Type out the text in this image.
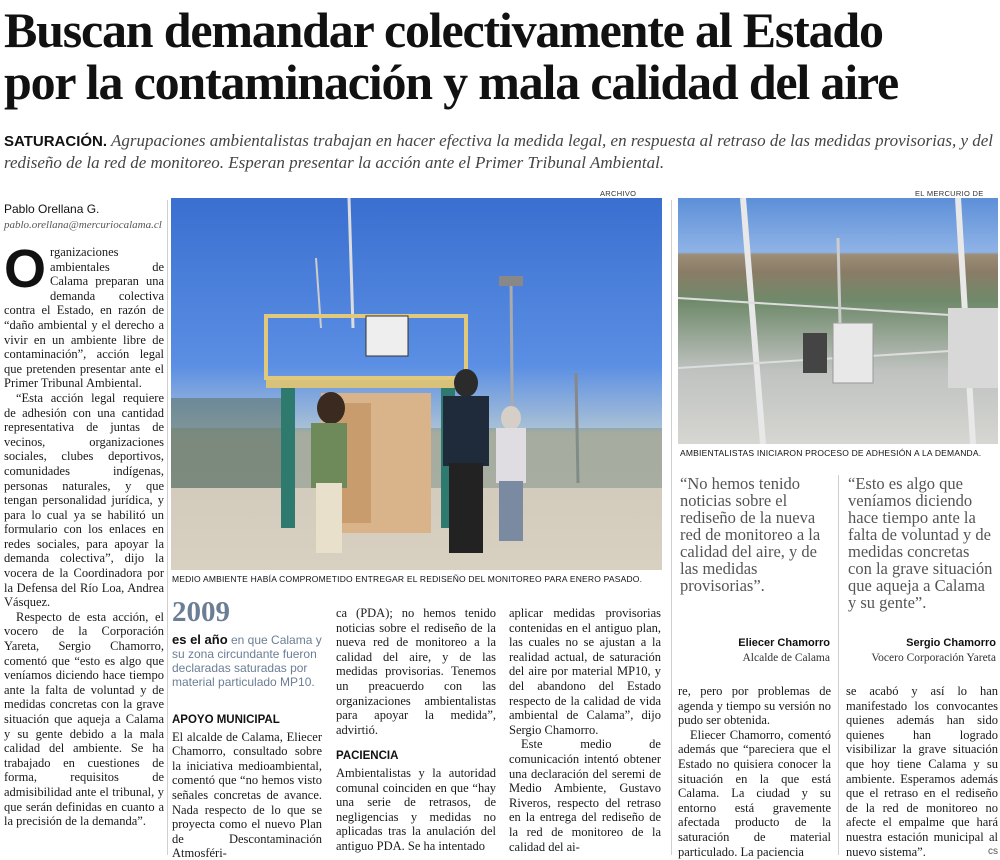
Buscan demandar colectivamente al Estado
por la contaminación y mala calidad del aire
SATURACIÓN. Agrupaciones ambientalistas trabajan en hacer efectiva la medida legal, en respuesta al retraso de las medidas provisorias, y del rediseño de la red de monitoreo. Esperan presentar la acción ante el Primer Tribunal Ambiental.
Pablo Orellana G.
pablo.orellana@mercuriocalama.cl

Organizaciones ambientales de Calama preparan una demanda colectiva contra el Estado, en razón de “daño ambiental y el derecho a vivir en un ambiente libre de contaminación”, acción legal que pretenden presentar ante el Primer Tribunal Ambiental.

“Esta acción legal requiere de adhesión con una cantidad representativa de juntas de vecinos, organizaciones sociales, clubes deportivos, comunidades indígenas, personas naturales, y que tengan personalidad jurídica, y para lo cual ya se habilitó un formulario con los enlaces en redes sociales, para apoyar la demanda colectiva”, dijo la vocera de la Coordinadora por la Defensa del Río Loa, Andrea Vásquez.

Respecto de esta acción, el vocero de la Corporación Yareta, Sergio Chamorro, comentó que “esto es algo que veníamos diciendo hace tiempo ante la falta de voluntad y de medidas concretas con la grave situación que aqueja a Calama y su gente debido a la mala calidad del ambiente. Se ha trabajado en cuestiones de forma, requisitos de admisibilidad ante el tribunal, y que serán definidas en cuanto a la precisión de la demanda”.

ARCHIVO
MEDIO AMBIENTE HABÍA COMPROMETIDO ENTREGAR EL REDISEÑO DEL MONITOREO PARA ENERO PASADO.
EL MERCURIO DE
AMBIENTALISTAS INICIARON PROCESO DE ADHESIÓN A LA DEMANDA.
2009
es el año en que Calama y su zona circundante fueron declaradas saturadas por material particulado MP10.

APOYO MUNICIPAL

El alcalde de Calama, Eliecer Chamorro, consultado sobre la iniciativa medioambiental, comentó que “no hemos visto señales concretas de avance. Nada respecto de lo que se proyecta como el nuevo Plan de Descontaminación Atmosféri-

ca (PDA); no hemos tenido noticias sobre el rediseño de la nueva red de monitoreo a la calidad del aire, y de las medidas provisorias. Tenemos un preacuerdo con las organizaciones ambientalistas para apoyar la medida”, advirtió.

PACIENCIA

Ambientalistas y la autoridad comunal coinciden en que “hay una serie de retrasos, de negligencias y medidas no aplicadas tras la anulación del antiguo PDA. Se ha intentado

aplicar medidas provisorias contenidas en el antiguo plan, las cuales no se ajustan a la realidad actual, de saturación del aire por material MP10, y del abandono del Estado respecto de la calidad de vida ambiental de Calama”, dijo Sergio Chamorro.

Este medio de comunicación intentó obtener una declaración del seremi de Medio Ambiente, Gustavo Riveros, respecto del retraso en la entrega del rediseño de la red de monitoreo de la calidad del ai-

“No hemos tenido noticias sobre el rediseño de la nueva red de monitoreo a la calidad del aire, y de las medidas provisorias”.
“Esto es algo que veníamos diciendo hace tiempo ante la falta de voluntad y de medidas concretas con la grave situación que aqueja a Calama y su gente”.
Eliecer Chamorro
Alcalde de Calama
Sergio Chamorro
Vocero Corporación Yareta

re, pero por problemas de agenda y tiempo su versión no pudo ser obtenida.

Eliecer Chamorro, comentó además que “pareciera que el Estado no quisiera conocer la situación en la que está Calama. La ciudad y su entorno está gravemente afectada producto de la saturación de material particulado. La paciencia

se acabó y así lo han manifestado los convocantes quienes además han sido quienes han logrado visibilizar la grave situación que hoy tiene Calama y su ambiente. Esperamos además que el retraso en el rediseño de la red de monitoreo no afecte el empalme que hará nuestra estación municipal al nuevo sistema”.	cs
